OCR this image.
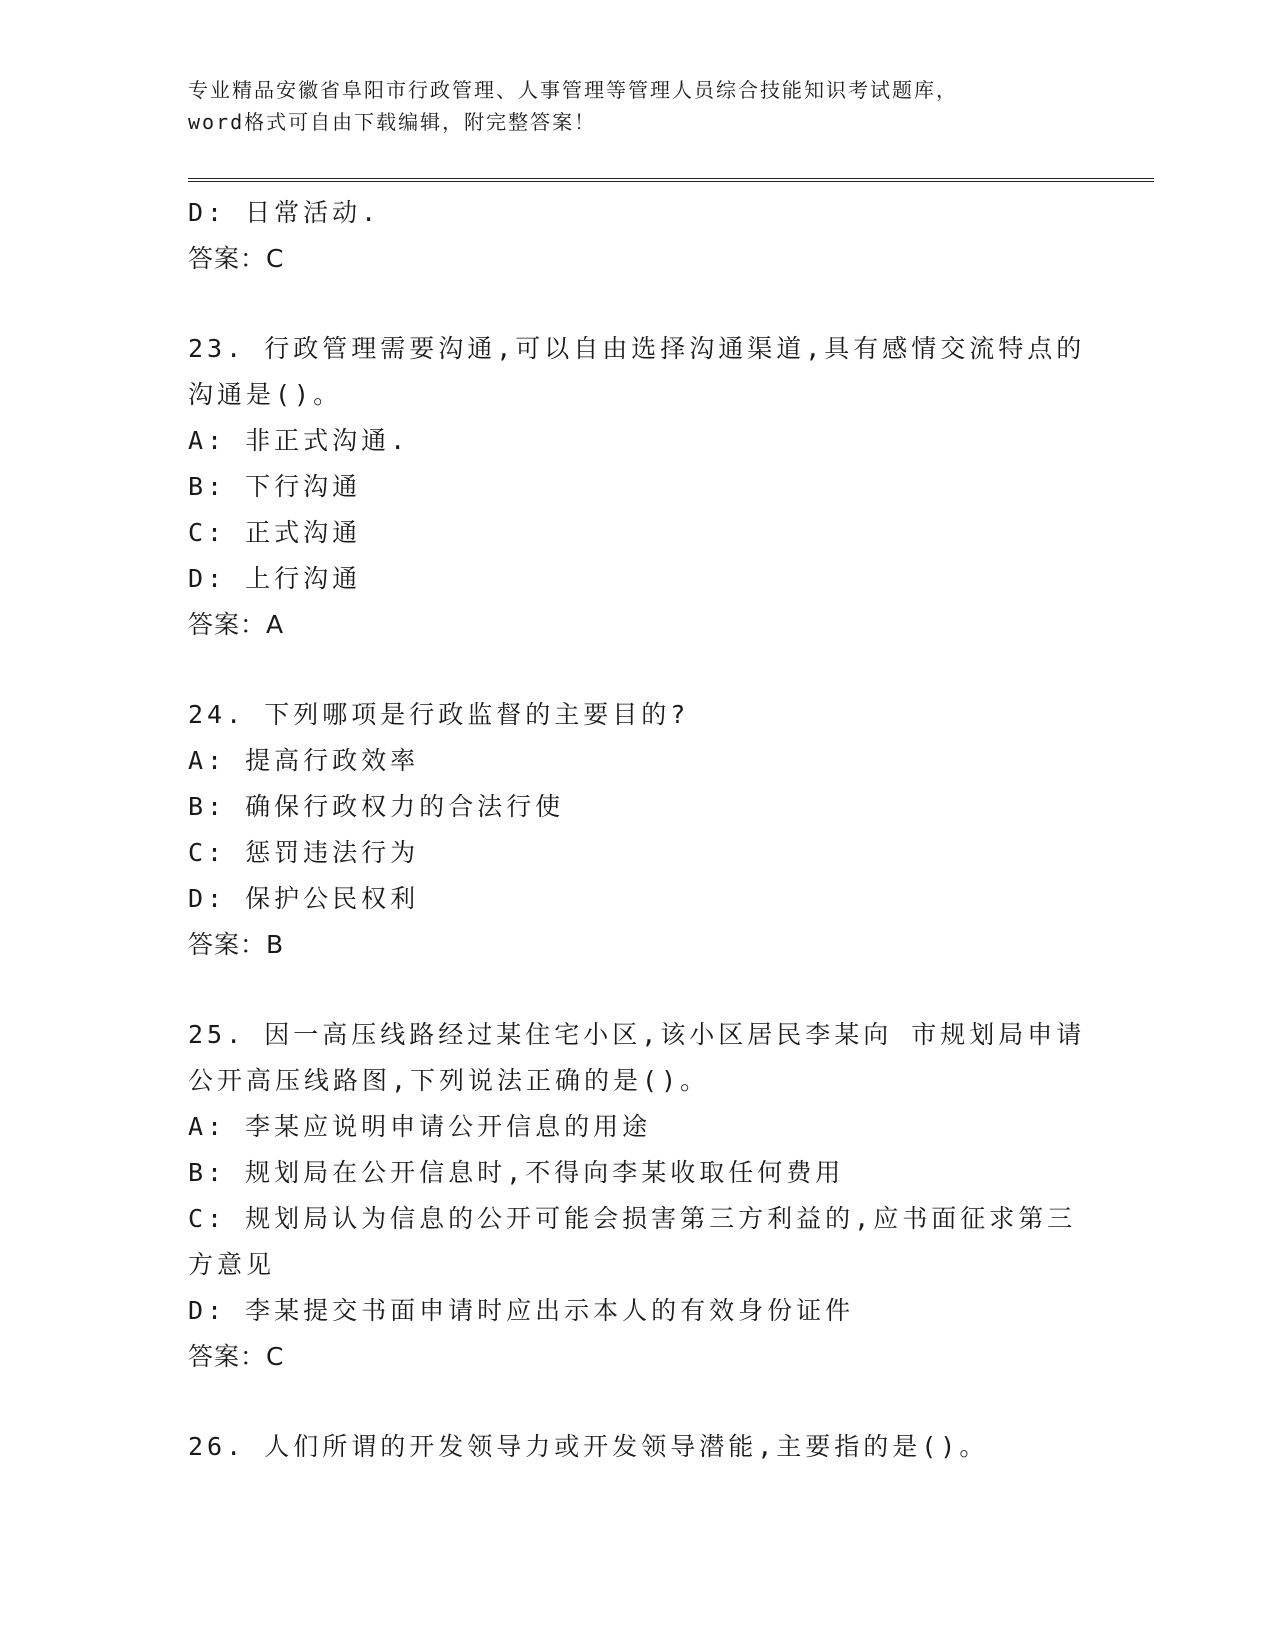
专业精品安徽省阜阳市行政管理、人事管理等管理人员综合技能知识考试题库，
word格式可自由下载编辑，附完整答案！
D: 日常活动.
答案：C
23. 行政管理需要沟通,可以自由选择沟通渠道,具有感情交流特点的
沟通是()。
A: 非正式沟通.
B: 下行沟通
C: 正式沟通
D: 上行沟通
答案：A
24. 下列哪项是行政监督的主要目的?
A: 提高行政效率
B: 确保行政权力的合法行使
C: 惩罚违法行为
D: 保护公民权利
答案：B
25. 因一高压线路经过某住宅小区,该小区居民李某向 市规划局申请
公开高压线路图,下列说法正确的是()。
A: 李某应说明申请公开信息的用途
B: 规划局在公开信息时,不得向李某收取任何费用
C: 规划局认为信息的公开可能会损害第三方利益的,应书面征求第三
方意见
D: 李某提交书面申请时应出示本人的有效身份证件
答案：C
26. 人们所谓的开发领导力或开发领导潜能,主要指的是()。
